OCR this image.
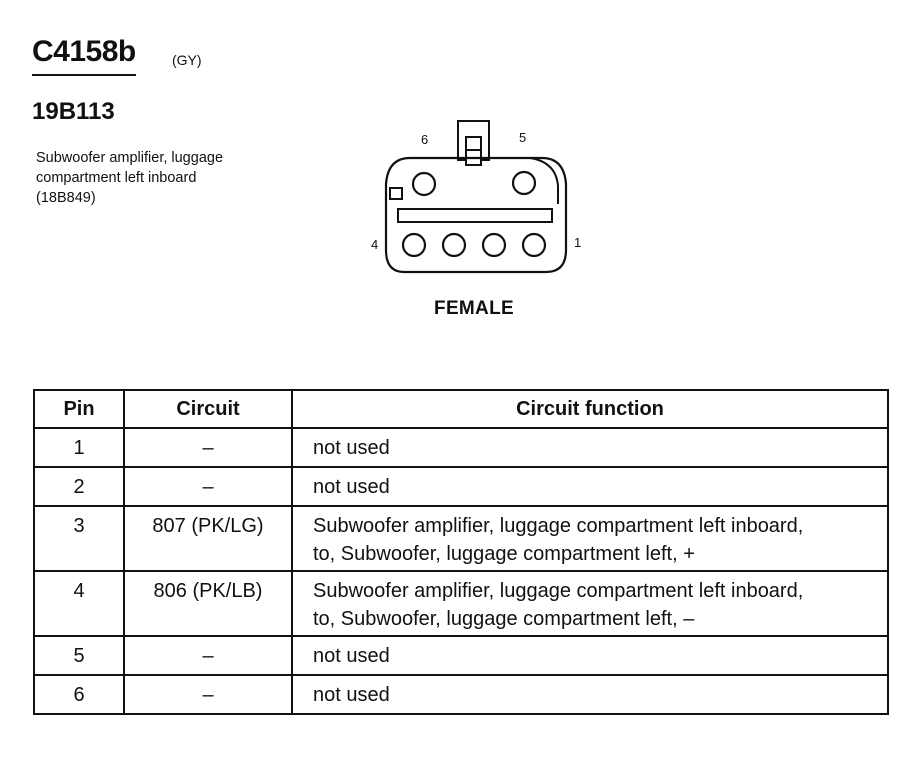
C4158b	(GY)
19B113
Subwoofer amplifier, luggage
compartment left inboard
(18B849)
6	5
4	1
FEMALE
Pin	Circuit	Circuit function
1	–	not used

2	–	not used

3	807 (PK/LG)	Subwoofer amplifier, luggage compartment left inboard,
to, Subwoofer, luggage compartment left, +

4	806 (PK/LB)	Subwoofer amplifier, luggage compartment left inboard,
to, Subwoofer, luggage compartment left, –

5	–	not used

6	–	not used
